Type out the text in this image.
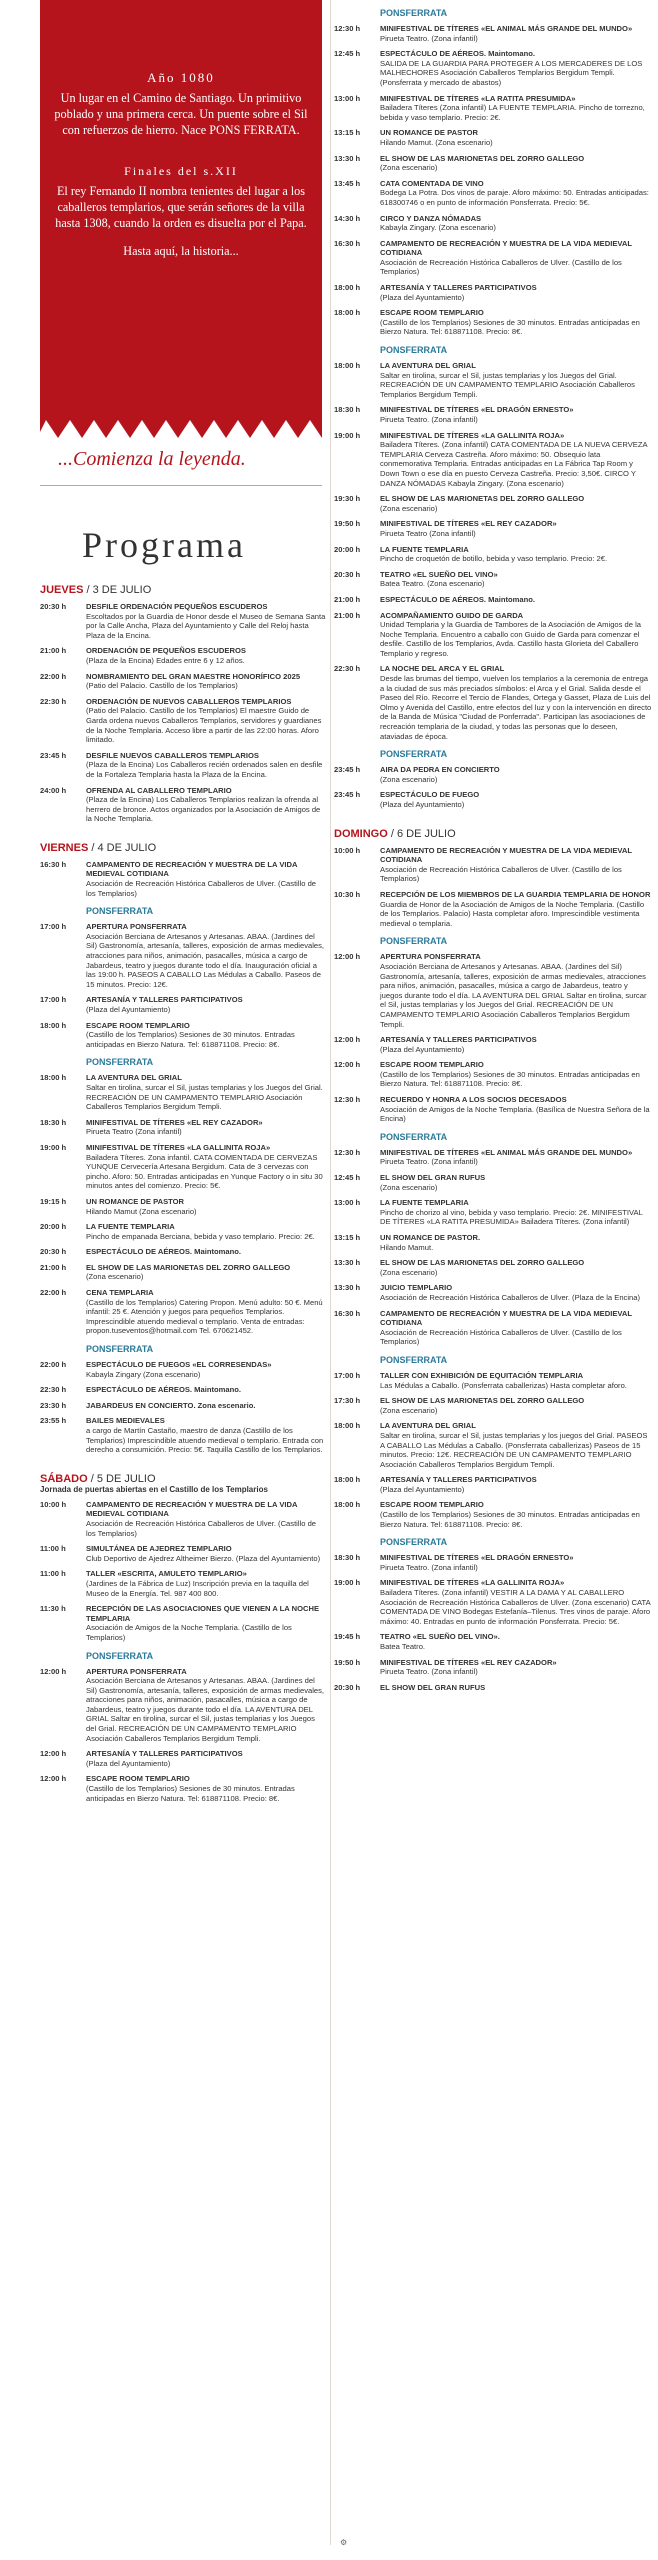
Año 1080

Un lugar en el Camino de Santiago. Un primitivo poblado y una primera cerca. Un puente sobre el Sil con refuerzos de hierro. Nace PONS FERRATA.

Finales del s.XII

El rey Fernando II nombra tenientes del lugar a los caballeros templarios, que serán señores de la villa hasta 1308, cuando la orden es disuelta por el Papa.

Hasta aquí, la historia...

...Comienza la leyenda.
Programa
JUEVES / 3 DE JULIO
20:30 h	DESFILE ORDENACIÓN PEQUEÑOS ESCUDEROS
Escoltados por la Guardia de Honor desde el Museo de Semana Santa por la Calle Ancha, Plaza del Ayuntamiento y Calle del Reloj hasta Plaza de la Encina.
21:00 h	ORDENACIÓN DE PEQUEÑOS ESCUDEROS
(Plaza de la Encina) Edades entre 6 y 12 años.
22:00 h	NOMBRAMIENTO DEL GRAN MAESTRE HONORÍFICO 2025
(Patio del Palacio. Castillo de los Templarios)
22:30 h	ORDENACIÓN DE NUEVOS CABALLEROS TEMPLARIOS
(Patio del Palacio. Castillo de los Templarios) El maestre Guido de Garda ordena nuevos Caballeros Templarios, servidores y guardianes de la Noche Templaria. Acceso libre a partir de las 22:00 horas. Aforo limitado.
23:45 h	DESFILE NUEVOS CABALLEROS TEMPLARIOS
(Plaza de la Encina) Los Caballeros recién ordenados salen en desfile de la Fortaleza Templaria hasta la Plaza de la Encina.
24:00 h	OFRENDA AL CABALLERO TEMPLARIO
(Plaza de la Encina) Los Caballeros Templarios realizan la ofrenda al herrero de bronce. Actos organizados por la Asociación de Amigos de la Noche Templaria.
VIERNES / 4 DE JULIO
16:30 h	CAMPAMENTO DE RECREACIÓN Y MUESTRA DE LA VIDA MEDIEVAL COTIDIANA
Asociación de Recreación Histórica Caballeros de Ulver. (Castillo de los Templarios)
PONSFERRATA
17:00 h	APERTURA PONSFERRATA
Asociación Berciana de Artesanos y Artesanas. ABAA. (Jardines del Sil) Gastronomía, artesanía, talleres, exposición de armas medievales, atracciones para niños, animación, pasacalles, música a cargo de Jabardeus, teatro y juegos durante todo el día. Inauguración oficial a las 19:00 h. PASEOS A CABALLO Las Médulas a Caballo. Paseos de 15 minutos. Precio: 12€.
17:00 h	ARTESANÍA Y TALLERES PARTICIPATIVOS
(Plaza del Ayuntamiento)
18:00 h	ESCAPE ROOM TEMPLARIO
(Castillo de los Templarios) Sesiones de 30 minutos. Entradas anticipadas en Bierzo Natura. Tel: 618871108. Precio: 8€.
PONSFERRATA
18:00 h	LA AVENTURA DEL GRIAL
Saltar en tirolina, surcar el Sil, justas templarias y los Juegos del Grial. RECREACIÓN DE UN CAMPAMENTO TEMPLARIO Asociación Caballeros Templarios Bergidum Templi.
18:30 h	MINIFESTIVAL DE TÍTERES «EL REY CAZADOR»
Pirueta Teatro (Zona infantil)
19:00 h	MINIFESTIVAL DE TÍTERES «LA GALLINITA ROJA»
Bailadera Títeres. Zona infantil. CATA COMENTADA DE CERVEZAS YUNQUE Cervecería Artesana Bergidum. Cata de 3 cervezas con pincho. Aforo: 50. Entradas anticipadas en Yunque Factory o in situ 30 minutos antes del comienzo. Precio: 5€.
19:15 h	UN ROMANCE DE PASTOR
Hilando Mamut (Zona escenario)
20:00 h	LA FUENTE TEMPLARIA
Pincho de empanada Berciana, bebida y vaso templario. Precio: 2€.
20:30 h	ESPECTÁCULO DE AÉREOS. Maintomano.
21:00 h	EL SHOW DE LAS MARIONETAS DEL ZORRO GALLEGO
(Zona escenario)
22:00 h	CENA TEMPLARIA
(Castillo de los Templarios) Catering Propon. Menú adulto: 50 €. Menú infantil: 25 €. Atención y juegos para pequeños Templarios. Imprescindible atuendo medieval o templario. Venta de entradas: propon.tuseventos@hotmail.com Tel. 670621452.
PONSFERRATA
22:00 h	ESPECTÁCULO DE FUEGOS «EL CORRESENDAS»
Kabayla Zingary (Zona escenario)
22:30 h	ESPECTÁCULO DE AÉREOS. Maintomano.
23:30 h	JABARDEUS EN CONCIERTO. Zona escenario.
23:55 h	BAILES MEDIEVALES
a cargo de Martín Castaño, maestro de danza (Castillo de los Templarios) Imprescindible atuendo medieval o templario. Entrada con derecho a consumición. Precio: 5€. Taquilla Castillo de los Templarios.
SÁBADO / 5 DE JULIO
Jornada de puertas abiertas en el Castillo de los Templarios
10:00 h	CAMPAMENTO DE RECREACIÓN Y MUESTRA DE LA VIDA MEDIEVAL COTIDIANA
Asociación de Recreación Histórica Caballeros de Ulver. (Castillo de los Templarios)
11:00 h	SIMULTÁNEA DE AJEDREZ TEMPLARIO
Club Deportivo de Ajedrez Altheimer Bierzo. (Plaza del Ayuntamiento)
11:00 h	TALLER «ESCRITA, AMULETO TEMPLARIO»
(Jardines de la Fábrica de Luz) Inscripción previa en la taquilla del Museo de la Energía. Tel. 987 400 800.
11:30 h	RECEPCIÓN DE LAS ASOCIACIONES QUE VIENEN A LA NOCHE TEMPLARIA
Asociación de Amigos de la Noche Templaria. (Castillo de los Templarios)
PONSFERRATA
12:00 h	APERTURA PONSFERRATA
Asociación Berciana de Artesanos y Artesanas. ABAA. (Jardines del Sil) Gastronomía, artesanía, talleres, exposición de armas medievales, atracciones para niños, animación, pasacalles, música a cargo de Jabardeus, teatro y juegos durante todo el día. LA AVENTURA DEL GRIAL Saltar en tirolina, surcar el Sil, justas templarias y los Juegos del Grial. RECREACIÓN DE UN CAMPAMENTO TEMPLARIO Asociación Caballeros Templarios Bergidum Templi.
12:00 h	ARTESANÍA Y TALLERES PARTICIPATIVOS
(Plaza del Ayuntamiento)
12:00 h	ESCAPE ROOM TEMPLARIO
(Castillo de los Templarios) Sesiones de 30 minutos. Entradas anticipadas en Bierzo Natura. Tel: 618871108. Precio: 8€.
PONSFERRATA
12:30 h	MINIFESTIVAL DE TÍTERES «EL ANIMAL MÁS GRANDE DEL MUNDO»
Pirueta Teatro. (Zona infantil)
12:45 h	ESPECTÁCULO DE AÉREOS. Maintomano.
SALIDA DE LA GUARDIA PARA PROTEGER A LOS MERCADERES DE LOS MALHECHORES Asociación Caballeros Templarios Bergidum Templi. (Ponsferrata y mercado de abastos)
13:00 h	MINIFESTIVAL DE TÍTERES «LA RATITA PRESUMIDA»
Bailadera Títeres (Zona infantil) LA FUENTE TEMPLARIA. Pincho de torrezno, bebida y vaso templario. Precio: 2€.
13:15 h	UN ROMANCE DE PASTOR
Hilando Mamut. (Zona escenario)
13:30 h	EL SHOW DE LAS MARIONETAS DEL ZORRO GALLEGO
(Zona escenario)
13:45 h	CATA COMENTADA DE VINO
Bodega La Potra. Dos vinos de paraje. Aforo máximo: 50. Entradas anticipadas: 618300746 o en punto de información Ponsferrata. Precio: 5€.
14:30 h	CIRCO Y DANZA NÓMADAS
Kabayla Zingary. (Zona escenario)
16:30 h	CAMPAMENTO DE RECREACIÓN Y MUESTRA DE LA VIDA MEDIEVAL COTIDIANA
Asociación de Recreación Histórica Caballeros de Ulver. (Castillo de los Templarios)
18:00 h	ARTESANÍA Y TALLERES PARTICIPATIVOS
(Plaza del Ayuntamiento)
18:00 h	ESCAPE ROOM TEMPLARIO
(Castillo de los Templarios) Sesiones de 30 minutos. Entradas anticipadas en Bierzo Natura. Tel: 618871108. Precio: 8€.
PONSFERRATA
18:00 h	LA AVENTURA DEL GRIAL
Saltar en tirolina, surcar el Sil, justas templarias y los Juegos del Grial. RECREACIÓN DE UN CAMPAMENTO TEMPLARIO Asociación Caballeros Templarios Bergidum Templi.
18:30 h	MINIFESTIVAL DE TÍTERES «EL DRAGÓN ERNESTO»
Pirueta Teatro. (Zona infantil)
19:00 h	MINIFESTIVAL DE TÍTERES «LA GALLINITA ROJA»
Bailadera Títeres. (Zona infantil) CATA COMENTADA DE LA NUEVA CERVEZA TEMPLARIA Cerveza Castreña. Aforo máximo: 50. Obsequio lata conmemorativa Templaria. Entradas anticipadas en La Fábrica Tap Room y Down Town o ese día en puesto Cerveza Castreña. Precio: 3,50€. CIRCO Y DANZA NÓMADAS Kabayla Zingary. (Zona escenario)
19:30 h	EL SHOW DE LAS MARIONETAS DEL ZORRO GALLEGO
(Zona escenario)
19:50 h	MINIFESTIVAL DE TÍTERES «EL REY CAZADOR»
Pirueta Teatro (Zona infantil)
20:00 h	LA FUENTE TEMPLARIA
Pincho de croquetón de botillo, bebida y vaso templario. Precio: 2€.
20:30 h	TEATRO «EL SUEÑO DEL VINO»
Batea Teatro. (Zona escenario)
21:00 h	ESPECTÁCULO DE AÉREOS. Maintomano.
21:00 h	ACOMPAÑAMIENTO GUIDO DE GARDA
Unidad Templaria y la Guardia de Tambores de la Asociación de Amigos de la Noche Templaria. Encuentro a caballo con Guido de Garda para comenzar el desfile. Castillo de los Templarios, Avda. Castillo hasta Glorieta del Caballero Templario y regreso.
22:30 h	LA NOCHE DEL ARCA Y EL GRIAL
Desde las brumas del tiempo, vuelven los templarios a la ceremonia de entrega a la ciudad de sus más preciados símbolos: el Arca y el Grial. Salida desde el Paseo del Río. Recorre el Tercio de Flandes, Ortega y Gasset, Plaza de Luis del Olmo y Avenida del Castillo, entre efectos del luz y con la intervención en directo de la Banda de Música "Ciudad de Ponferrada". Participan las asociaciones de recreación templaria de la ciudad, y todas las personas que lo deseen, ataviadas de época.
PONSFERRATA
23:45 h	AIRA DA PEDRA EN CONCIERTO
(Zona escenario)
23:45 h	ESPECTÁCULO DE FUEGO
(Plaza del Ayuntamiento)
DOMINGO / 6 DE JULIO
10:00 h	CAMPAMENTO DE RECREACIÓN Y MUESTRA DE LA VIDA MEDIEVAL COTIDIANA
Asociación de Recreación Histórica Caballeros de Ulver. (Castillo de los Templarios)
10:30 h	RECEPCIÓN DE LOS MIEMBROS DE LA GUARDIA TEMPLARIA DE HONOR
Guardia de Honor de la Asociación de Amigos de la Noche Templaria. (Castillo de los Templarios. Palacio) Hasta completar aforo. Imprescindible vestimenta medieval o templaria.
PONSFERRATA
12:00 h	APERTURA PONSFERRATA
Asociación Berciana de Artesanos y Artesanas. ABAA. (Jardines del Sil) Gastronomía, artesanía, talleres, exposición de armas medievales, atracciones para niños, animación, pasacalles, música a cargo de Jabardeus, teatro y juegos durante todo el día. LA AVENTURA DEL GRIAL Saltar en tirolina, surcar el Sil, justas templarias y los Juegos del Grial. RECREACIÓN DE UN CAMPAMENTO TEMPLARIO Asociación Caballeros Templarios Bergidum Templi.
12:00 h	ARTESANÍA Y TALLERES PARTICIPATIVOS
(Plaza del Ayuntamiento)
12:00 h	ESCAPE ROOM TEMPLARIO
(Castillo de los Templarios) Sesiones de 30 minutos. Entradas anticipadas en Bierzo Natura. Tel: 618871108. Precio: 8€.
12:30 h	RECUERDO Y HONRA A LOS SOCIOS DECESADOS
Asociación de Amigos de la Noche Templaria. (Basílica de Nuestra Señora de la Encina)
PONSFERRATA
12:30 h	MINIFESTIVAL DE TÍTERES «EL ANIMAL MÁS GRANDE DEL MUNDO»
Pirueta Teatro. (Zona infantil)
12:45 h	EL SHOW DEL GRAN RUFUS
(Zona escenario)
13:00 h	LA FUENTE TEMPLARIA
Pincho de chorizo al vino, bebida y vaso templario. Precio: 2€. MINIFESTIVAL DE TÍTERES «LA RATITA PRESUMIDA» Bailadera Títeres. (Zona infantil)
13:15 h	UN ROMANCE DE PASTOR.
Hilando Mamut.
13:30 h	EL SHOW DE LAS MARIONETAS DEL ZORRO GALLEGO
(Zona escenario)
13:30 h	JUICIO TEMPLARIO
Asociación de Recreación Histórica Caballeros de Ulver. (Plaza de la Encina)
16:30 h	CAMPAMENTO DE RECREACIÓN Y MUESTRA DE LA VIDA MEDIEVAL COTIDIANA
Asociación de Recreación Histórica Caballeros de Ulver. (Castillo de los Templarios)
PONSFERRATA
17:00 h	TALLER CON EXHIBICIÓN DE EQUITACIÓN TEMPLARIA
Las Médulas a Caballo. (Ponsferrata caballerizas) Hasta completar aforo.
17:30 h	EL SHOW DE LAS MARIONETAS DEL ZORRO GALLEGO
(Zona escenario)
18:00 h	LA AVENTURA DEL GRIAL
Saltar en tirolina, surcar el Sil, justas templarias y los juegos del Grial. PASEOS A CABALLO Las Médulas a Caballo. (Ponsferrata caballerizas) Paseos de 15 minutos. Precio: 12€. RECREACIÓN DE UN CAMPAMENTO TEMPLARIO Asociación Caballeros Templarios Bergidum Templi.
18:00 h	ARTESANÍA Y TALLERES PARTICIPATIVOS
(Plaza del Ayuntamiento)
18:00 h	ESCAPE ROOM TEMPLARIO
(Castillo de los Templarios) Sesiones de 30 minutos. Entradas anticipadas en Bierzo Natura. Tel: 618871108. Precio: 8€.
PONSFERRATA
18:30 h	MINIFESTIVAL DE TÍTERES «EL DRAGÓN ERNESTO»
Pirueta Teatro. (Zona infantil)
19:00 h	MINIFESTIVAL DE TÍTERES «LA GALLINITA ROJA»
Bailadera Títeres. (Zona infantil) VESTIR A LA DAMA Y AL CABALLERO Asociación de Recreación Histórica Caballeros de Ulver. (Zona escenario) CATA COMENTADA DE VINO Bodegas Estefanía–Tilenus. Tres vinos de paraje. Aforo máximo: 40. Entradas en punto de información Ponsferrata. Precio: 5€.
19:45 h	TEATRO «EL SUEÑO DEL VINO».
Batea Teatro.
19:50 h	MINIFESTIVAL DE TÍTERES «EL REY CAZADOR»
Pirueta Teatro. (Zona infantil)
20:30 h	EL SHOW DEL GRAN RUFUS
⚙
